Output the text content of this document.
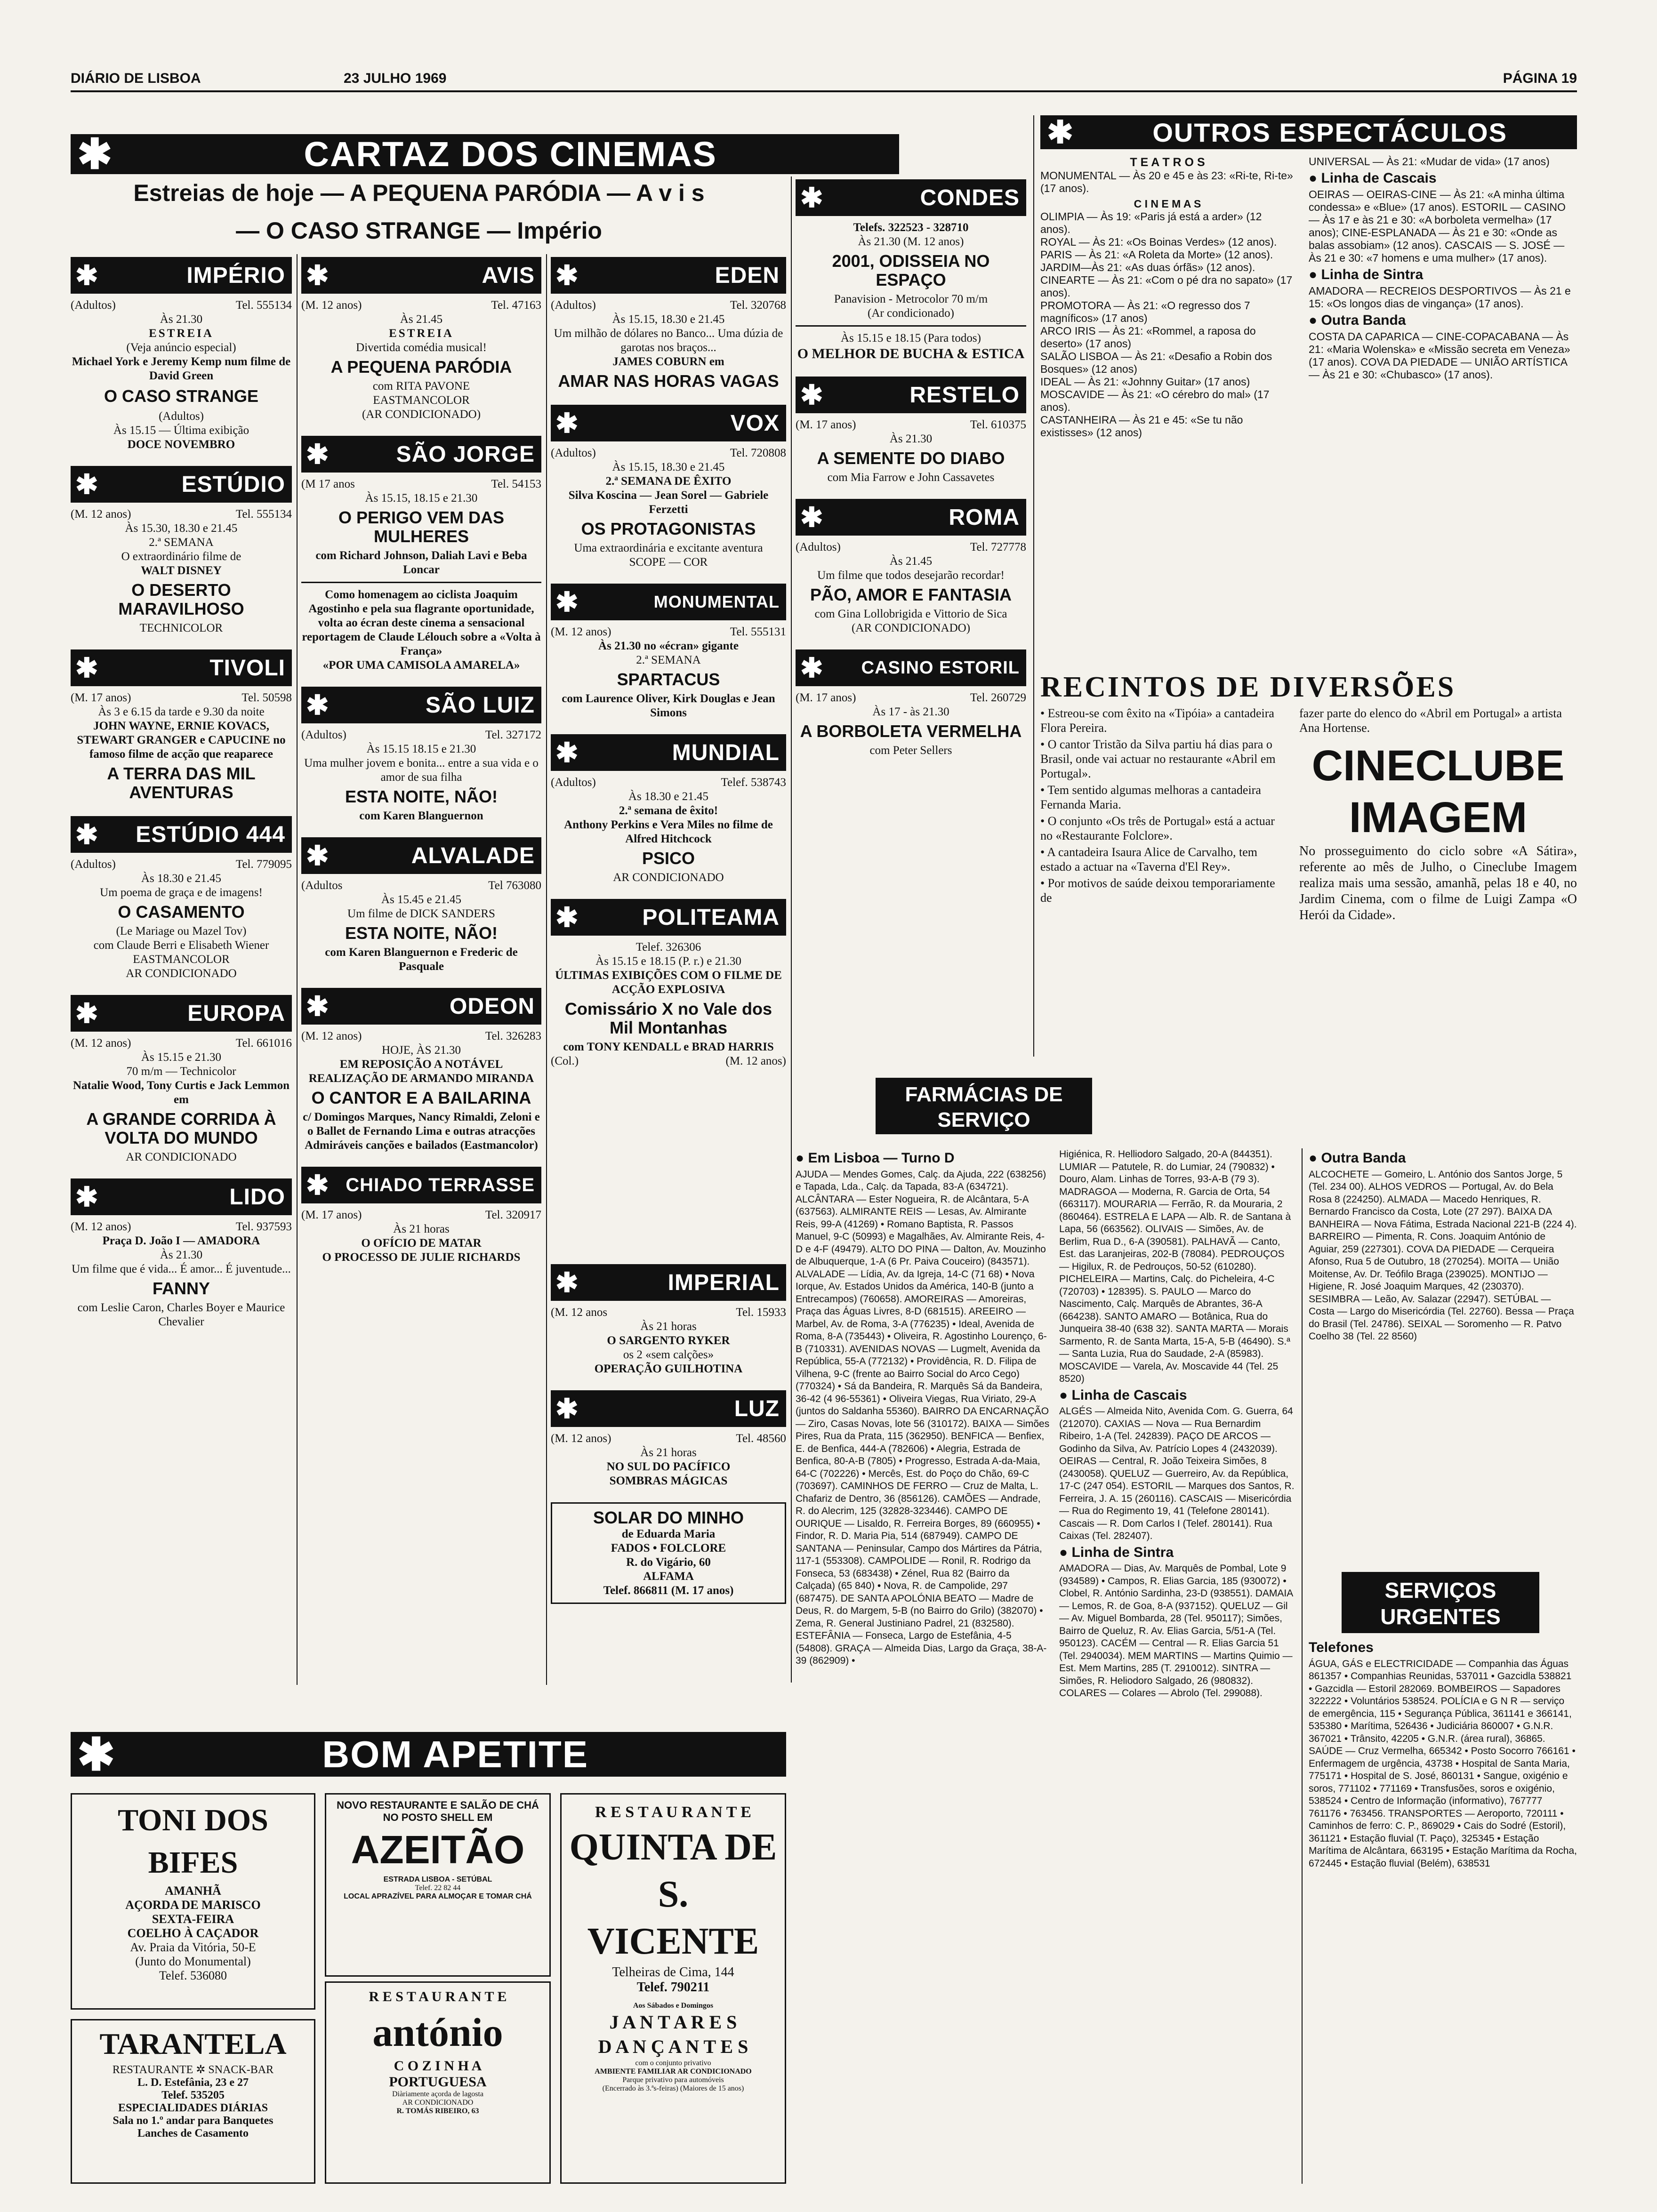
DIÁRIO DE LISBOA	23 JULHO 1969	PÁGINA 19
✱	CARTAZ DOS CINEMAS
Estreias de hoje — A PEQUENA PARÓDIA — A v i s
— O CASO STRANGE — Império
✱	IMPÉRIO
(Adultos)	Tel. 555134

Às 21.30

ESTREIA

(Veja anúncio especial)

Michael York e Jeremy Kemp num filme de David Green

O CASO STRANGE

(Adultos)

Às 15.15 — Última exibição

DOCE NOVEMBRO

✱	ESTÚDIO
(M. 12 anos)	Tel. 555134

Às 15.30, 18.30 e 21.45

2.ª SEMANA

O extraordinário filme de

WALT DISNEY

O DESERTO MARAVILHOSO

TECHNICOLOR

✱	TIVOLI
(M. 17 anos)	Tel. 50598

Às 3 e 6.15 da tarde e 9.30 da noite

JOHN WAYNE, ERNIE KOVACS, STEWART GRANGER e CAPUCINE no famoso filme de acção que reaparece

A TERRA DAS MIL AVENTURAS
✱	ESTÚDIO 444
(Adultos)	Tel. 779095

Às 18.30 e 21.45

Um poema de graça e de imagens!

O CASAMENTO

(Le Mariage ou Mazel Tov)

com Claude Berri e Elisabeth Wiener

EASTMANCOLOR

AR CONDICIONADO

✱	EUROPA
(M. 12 anos)	Tel. 661016

Às 15.15 e 21.30

70 m/m — Technicolor

Natalie Wood, Tony Curtis e Jack Lemmon em

A GRANDE CORRIDA À VOLTA DO MUNDO

AR CONDICIONADO

✱	LIDO
(M. 12 anos)	Tel. 937593

Praça D. João I — AMADORA

Às 21.30

Um filme que é vida... É amor... É juventude...

FANNY

com Leslie Caron, Charles Boyer e Maurice Chevalier

✱	AVIS
(M. 12 anos)	Tel. 47163

Às 21.45

ESTREIA

Divertida comédia musical!

A PEQUENA PARÓDIA

com RITA PAVONE

EASTMANCOLOR

(AR CONDICIONADO)

✱	SÃO JORGE
(M 17 anos	Tel. 54153

Às 15.15, 18.15 e 21.30

O PERIGO VEM DAS MULHERES

com Richard Johnson, Daliah Lavi e Beba Loncar

Como homenagem ao ciclista Joaquim Agostinho e pela sua flagrante oportunidade, volta ao écran deste cinema a sensacional reportagem de Claude Lélouch sobre a «Volta à França»

«POR UMA CAMISOLA AMARELA»

✱	SÃO LUIZ
(Adultos)	Tel. 327172

Às 15.15 18.15 e 21.30

Uma mulher jovem e bonita... entre a sua vida e o amor de sua filha

ESTA NOITE, NÃO!

com Karen Blanguernon

✱	ALVALADE
(Adultos	Tel 763080

Às 15.45 e 21.45

Um filme de DICK SANDERS

ESTA NOITE, NÃO!

com Karen Blanguernon e Frederic de Pasquale

✱	ODEON
(M. 12 anos)	Tel. 326283

HOJE, ÀS 21.30

EM REPOSIÇÃO A NOTÁVEL REALIZAÇÃO DE ARMANDO MIRANDA

O CANTOR E A BAILARINA

c/ Domingos Marques, Nancy Rimaldi, Zeloni e o Ballet de Fernando Lima e outras atracções

Admiráveis canções e bailados (Eastmancolor)

✱ CHIADO TERRASSE
(M. 17 anos)	Tel. 320917

Às 21 horas

O OFÍCIO DE MATAR

O PROCESSO DE JULIE RICHARDS

✱	EDEN
(Adultos)	Tel. 320768

Às 15.15, 18.30 e 21.45

Um milhão de dólares no Banco... Uma dúzia de garotas nos braços...

JAMES COBURN em

AMAR NAS HORAS VAGAS
✱	VOX
(Adultos)	Tel. 720808

Às 15.15, 18.30 e 21.45

2.ª SEMANA DE ÊXITO

Silva Koscina — Jean Sorel — Gabriele Ferzetti

OS PROTAGONISTAS

Uma extraordinária e excitante aventura

SCOPE — COR

✱	MONUMENTAL
(M. 12 anos)	Tel. 555131

Às 21.30 no «écran» gigante

2.ª SEMANA

SPARTACUS

com Laurence Oliver, Kirk Douglas e Jean Simons

✱	MUNDIAL
(Adultos)	Telef. 538743

Às 18.30 e 21.45

2.ª semana de êxito!

Anthony Perkins e Vera Miles no filme de Alfred Hitchcock

PSICO

AR CONDICIONADO

✱	POLITEAMA

Telef. 326306

Às 15.15 e 18.15 (P. r.) e 21.30

ÚLTIMAS EXIBIÇÕES COM O FILME DE ACÇÃO EXPLOSIVA

Comissário X no Vale dos Mil Montanhas

com TONY KENDALL e BRAD HARRIS

(Col.)	(M. 12 anos)
✱	IMPERIAL
(M. 12 anos	Tel. 15933

Às 21 horas

O SARGENTO RYKER

os 2 «sem calções»

OPERAÇÃO GUILHOTINA

✱	LUZ
(M. 12 anos)	Tel. 48560

Às 21 horas

NO SUL DO PACÍFICO

SOMBRAS MÁGICAS

SOLAR DO MINHO

de Eduarda Maria

FADOS • FOLCLORE

R. do Vigário, 60

ALFAMA

Telef. 866811 (M. 17 anos)

✱	CONDES

Telefs. 322523 - 328710

Às 21.30 (M. 12 anos)

2001, ODISSEIA NO ESPAÇO

Panavision - Metrocolor 70 m/m

(Ar condicionado)

Às 15.15 e 18.15 (Para todos)

O MELHOR DE BUCHA & ESTICA

✱	RESTELO
(M. 17 anos)	Tel. 610375

Às 21.30

A SEMENTE DO DIABO

com Mia Farrow e John Cassavetes

✱	ROMA
(Adultos)	Tel. 727778

Às 21.45

Um filme que todos desejarão recordar!

PÃO, AMOR E FANTASIA

com Gina Lollobrigida e Vittorio de Sica

(AR CONDICIONADO)

✱	CASINO ESTORIL
(M. 17 anos)	Tel. 260729

Às 17 - às 21.30

A BORBOLETA VERMELHA

com Peter Sellers

✱	OUTROS ESPECTÁCULOS
T E A T R O S
MONUMENTAL — Às 20 e 45 e às 23: «Ri-te, Ri-te» (17 anos).
C I N E M A S
OLIMPIA — Às 19: «Paris já está a arder» (12 anos).
ROYAL — Às 21: «Os Boinas Verdes» (12 anos).
PARIS — Às 21: «A Roleta da Morte» (12 anos).
JARDIM—Às 21: «As duas órfãs» (12 anos).
CINEARTE — Às 21: «Com o pé dra no sapato» (17 anos).
PROMOTORA — Às 21: «O regresso dos 7 magníficos» (17 anos)
ARCO IRIS — Às 21: «Rommel, a raposa do deserto» (17 anos)
SALÃO LISBOA — Às 21: «Desafio a Robin dos Bosques» (12 anos)
IDEAL — Às 21: «Johnny Guitar» (17 anos)
MOSCAVIDE — Às 21: «O cérebro do mal» (17 anos).
CASTANHEIRA — Às 21 e 45: «Se tu não existisses» (12 anos)
UNIVERSAL — Às 21: «Mudar de vida» (17 anos)
● Linha de Cascais
OEIRAS — OEIRAS-CINE — Às 21: «A minha última condessa» e «Blue» (17 anos). ESTORIL — CASINO — Às 17 e às 21 e 30: «A borboleta vermelha» (17 anos); CINE-ESPLANADA — Às 21 e 30: «Onde as balas assobiam» (12 anos). CASCAIS — S. JOSÉ — Às 21 e 30: «7 homens e uma mulher» (17 anos).
● Linha de Sintra
AMADORA — RECREIOS DESPORTIVOS — Às 21 e 15: «Os longos dias de vingança» (17 anos).
● Outra Banda
COSTA DA CAPARICA — CINE-COPACABANA — Às 21: «Maria Wolenska» e «Missão secreta em Veneza» (17 anos). COVA DA PIEDADE — UNIÃO ARTÍSTICA — Às 21 e 30: «Chubasco» (17 anos).
RECINTOS DE DIVERSÕES
• Estreou-se com êxito na «Tipóia» a cantadeira Flora Pereira.
• O cantor Tristão da Silva partiu há dias para o Brasil, onde vai actuar no restaurante «Abril em Portugal».
• Tem sentido algumas melhoras a cantadeira Fernanda Maria.
• O conjunto «Os três de Portugal» está a actuar no «Restaurante Folclore».
• A cantadeira Isaura Alice de Carvalho, tem estado a actuar na «Taverna d'El Rey».
• Por motivos de saúde deixou temporariamente de
fazer parte do elenco do «Abril em Portugal» a artista Ana Hortense.
CINECLUBE
IMAGEM
No prosseguimento do ciclo sobre «A Sátira», referente ao mês de Julho, o Cineclube Imagem realiza mais uma sessão, amanhã, pelas 18 e 40, no Jardim Cinema, com o filme de Luigi Zampa «O Herói da Cidade».
FARMÁCIAS DE SERVIÇO
● Em Lisboa — Turno D
AJUDA — Mendes Gomes, Calç. da Ajuda, 222 (638256) e Tapada, Lda., Calç. da Tapada, 83-A (634721). ALCÂNTARA — Ester Nogueira, R. de Alcântara, 5-A (637563). ALMIRANTE REIS — Lesas, Av. Almirante Reis, 99-A (41269) • Romano Baptista, R. Passos Manuel, 9-C (50993) e Magalhães, Av. Almirante Reis, 4-D e 4-F (49479). ALTO DO PINA — Dalton, Av. Mouzinho de Albuquerque, 1-A (6 Pr. Paiva Couceiro) (843571). ALVALADE — Lídia, Av. da Igreja, 14-C (71 68) • Nova Iorque, Av. Estados Unidos da América, 140-B (junto a Entrecampos) (760658). AMOREIRAS — Amoreiras, Praça das Águas Livres, 8-D (681515). AREEIRO — Marbel, Av. de Roma, 3-A (776235) • Ideal, Avenida de Roma, 8-A (735443) • Oliveira, R. Agostinho Lourenço, 6-B (710331). AVENIDAS NOVAS — Lugmelt, Avenida da República, 55-A (772132) • Providência, R. D. Filipa de Vilhena, 9-C (frente ao Bairro Social do Arco Cego) (770324) • Sá da Bandeira, R. Marquês Sá da Bandeira, 36-42 (4 96-55361) • Oliveira Viegas, Rua Viriato, 29-A (juntos do Saldanha 55360). BAIRRO DA ENCARNAÇÃO — Ziro, Casas Novas, lote 56 (310172). BAIXA — Simões Pires, Rua da Prata, 115 (362950). BENFICA — Benfiex, E. de Benfica, 444-A (782606) • Alegria, Estrada de Benfica, 80-A-B (7805) • Progresso, Estrada A-da-Maia, 64-C (702226) • Mercês, Est. do Poço do Chão, 69-C (703697). CAMINHOS DE FERRO — Cruz de Malta, L. Chafariz de Dentro, 36 (856126). CAMÕES — Andrade, R. do Alecrim, 125 (32828-323446). CAMPO DE OURIQUE — Lisaldo, R. Ferreira Borges, 89 (660955) • Findor, R. D. Maria Pia, 514 (687949). CAMPO DE SANTANA — Peninsular, Campo dos Mártires da Pátria, 117-1 (553308). CAMPOLIDE — Ronil, R. Rodrigo da Fonseca, 53 (683438) • Zénel, Rua 82 (Bairro da Calçada) (65 840) • Nova, R. de Campolide, 297 (687475). DE SANTA APOLÓNIA BEATO — Madre de Deus, R. do Margem, 5-B (no Bairro do Grilo) (382070) • Zema, R. General Justiniano Padrel, 21 (832580). ESTEFÂNIA — Fonseca, Largo de Estefânia, 4-5 (54808). GRAÇA — Almeida Dias, Largo da Graça, 38-A-39 (862909) •
Higiénica, R. Helliodoro Salgado, 20-A (844351). LUMIAR — Patutele, R. do Lumiar, 24 (790832) • Douro, Alam. Linhas de Torres, 93-A-B (79 3). MADRAGOA — Moderna, R. Garcia de Orta, 54 (663117). MOURARIA — Ferrão, R. da Mouraria, 2 (860464). ESTRELA E LAPA — Alb. R. de Santana à Lapa, 56 (663562). OLIVAIS — Simões, Av. de Berlim, Rua D., 6-A (390581). PALHAVÃ — Canto, Est. das Laranjeiras, 202-B (78084). PEDROUÇOS — Higilux, R. de Pedrouços, 50-52 (610280). PICHELEIRA — Martins, Calç. do Picheleira, 4-C (720703) • 128395). S. PAULO — Marco do Nascimento, Calç. Marquês de Abrantes, 36-A (664238). SANTO AMARO — Botânica, Rua do Junqueira 38-40 (638 32). SANTA MARTA — Morais Sarmento, R. de Santa Marta, 15-A, 5-B (46490). S.ª — Santa Luzia, Rua do Saudade, 2-A (85983). MOSCAVIDE — Varela, Av. Moscavide 44 (Tel. 25 8520)
● Linha de Cascais
ALGÉS — Almeida Nito, Avenida Com. G. Guerra, 64 (212070). CAXIAS — Nova — Rua Bernardim Ribeiro, 1-A (Tel. 242839). PAÇO DE ARCOS — Godinho da Silva, Av. Patrício Lopes 4 (2432039). OEIRAS — Central, R. João Teixeira Simões, 8 (2430058). QUELUZ — Guerreiro, Av. da República, 17-C (247 054). ESTORIL — Marques dos Santos, R. Ferreira, J. A. 15 (260116). CASCAIS — Misericórdia — Rua do Regimento 19, 41 (Telefone 280141). Cascais — R. Dom Carlos I (Telef. 280141). Rua Caixas (Tel. 282407).
● Linha de Sintra
AMADORA — Dias, Av. Marquês de Pombal, Lote 9 (934589) • Campos, R. Elias Garcia, 185 (930072) • Clobel, R. António Sardinha, 23-D (938551). DAMAIA — Lemos, R. de Goa, 8-A (937152). QUELUZ — Gil — Av. Miguel Bombarda, 28 (Tel. 950117); Simões, Bairro de Queluz, R. Av. Elias Garcia, 5/51-A (Tel. 950123). CACÉM — Central — R. Elias Garcia 51 (Tel. 2940034). MEM MARTINS — Martins Quimio — Est. Mem Martins, 285 (T. 2910012). SINTRA — Simões, R. Heliodoro Salgado, 26 (980832). COLARES — Colares — Abrolo (Tel. 299088).
● Outra Banda
ALCOCHETE — Gomeiro, L. António dos Santos Jorge, 5 (Tel. 234 00). ALHOS VEDROS — Portugal, Av. do Bela Rosa 8 (224250). ALMADA — Macedo Henriques, R. Bernardo Francisco da Costa, Lote (27 297). BAIXA DA BANHEIRA — Nova Fátima, Estrada Nacional 221-B (224 4). BARREIRO — Pimenta, R. Cons. Joaquim António de Aguiar, 259 (227301). COVA DA PIEDADE — Cerqueira Afonso, Rua 5 de Outubro, 18 (270254). MOITA — União Moitense, Av. Dr. Teófilo Braga (239025). MONTIJO — Higiene, R. José Joaquim Marques, 42 (230370). SESIMBRA — Leão, Av. Salazar (22947). SETÚBAL — Costa — Largo do Misericórdia (Tel. 22760). Bessa — Praça do Brasil (Tel. 24786). SEIXAL — Soromenho — R. Patvo Coelho 38 (Tel. 22 8560)
SERVIÇOS URGENTES
Telefones
ÁGUA, GÁS e ELECTRICIDADE — Companhia das Águas 861357 • Companhias Reunidas, 537011 • Gazcidla 538821 • Gazcidla — Estoril 282069. BOMBEIROS — Sapadores 322222 • Voluntários 538524. POLÍCIA e G N R — serviço de emergência, 115 • Segurança Pública, 361141 e 366141, 535380 • Marítima, 526436 • Judiciária 860007 • G.N.R. 367021 • Trânsito, 42205 • G.N.R. (área rural), 36865. SAÚDE — Cruz Vermelha, 665342 • Posto Socorro 766161 • Enfermagem de urgência, 43738 • Hospital de Santa Maria, 775171 • Hospital de S. José, 860131 • Sangue, oxigénio e soros, 771102 • 771169 • Transfusões, soros e oxigénio, 538524 • Centro de Informação (informativo), 767777 761176 • 763456. TRANSPORTES — Aeroporto, 720111 • Caminhos de ferro: C. P., 869029 • Cais do Sodré (Estoril), 361121 • Estação fluvial (T. Paço), 325345 • Estação Marítima de Alcântara, 663195 • Estação Marítima da Rocha, 672445 • Estação fluvial (Belém), 638531
✱	BOM APETITE
TONI DOS BIFES

AMANHÃ

AÇORDA DE MARISCO

SEXTA-FEIRA

COELHO À CAÇADOR

Av. Praia da Vitória, 50-E

(Junto do Monumental)

Telef. 536080

TARANTELA

RESTAURANTE ✲ SNACK-BAR

L. D. Estefânia, 23 e 27

Telef. 535205

ESPECIALIDADES DIÁRIAS

Sala no 1.º andar para Banquetes

Lanches de Casamento

NOVO RESTAURANTE E SALÃO DE CHÁ NO POSTO SHELL EM

AZEITÃO

ESTRADA LISBOA - SETÚBAL

Telef. 22 82 44

LOCAL APRAZÍVEL PARA ALMOÇAR E TOMAR CHÁ

R E S T A U R A N T E

antónio

C O Z I N H A

PORTUGUESA

Diàriamente açorda de lagosta

AR CONDICIONADO

R. TOMÁS RIBEIRO, 63

R E S T A U R A N T E

QUINTA DE
S. VICENTE

Telheiras de Cima, 144

Telef. 790211

Aos Sábados e Domingos

J A N T A R E S

D A N Ç A N T E S

com o conjunto privativo

AMBIENTE FAMILIAR AR CONDICIONADO

Parque privativo para automóveis

(Encerrado às 3.ªs-feiras) (Maiores de 15 anos)
